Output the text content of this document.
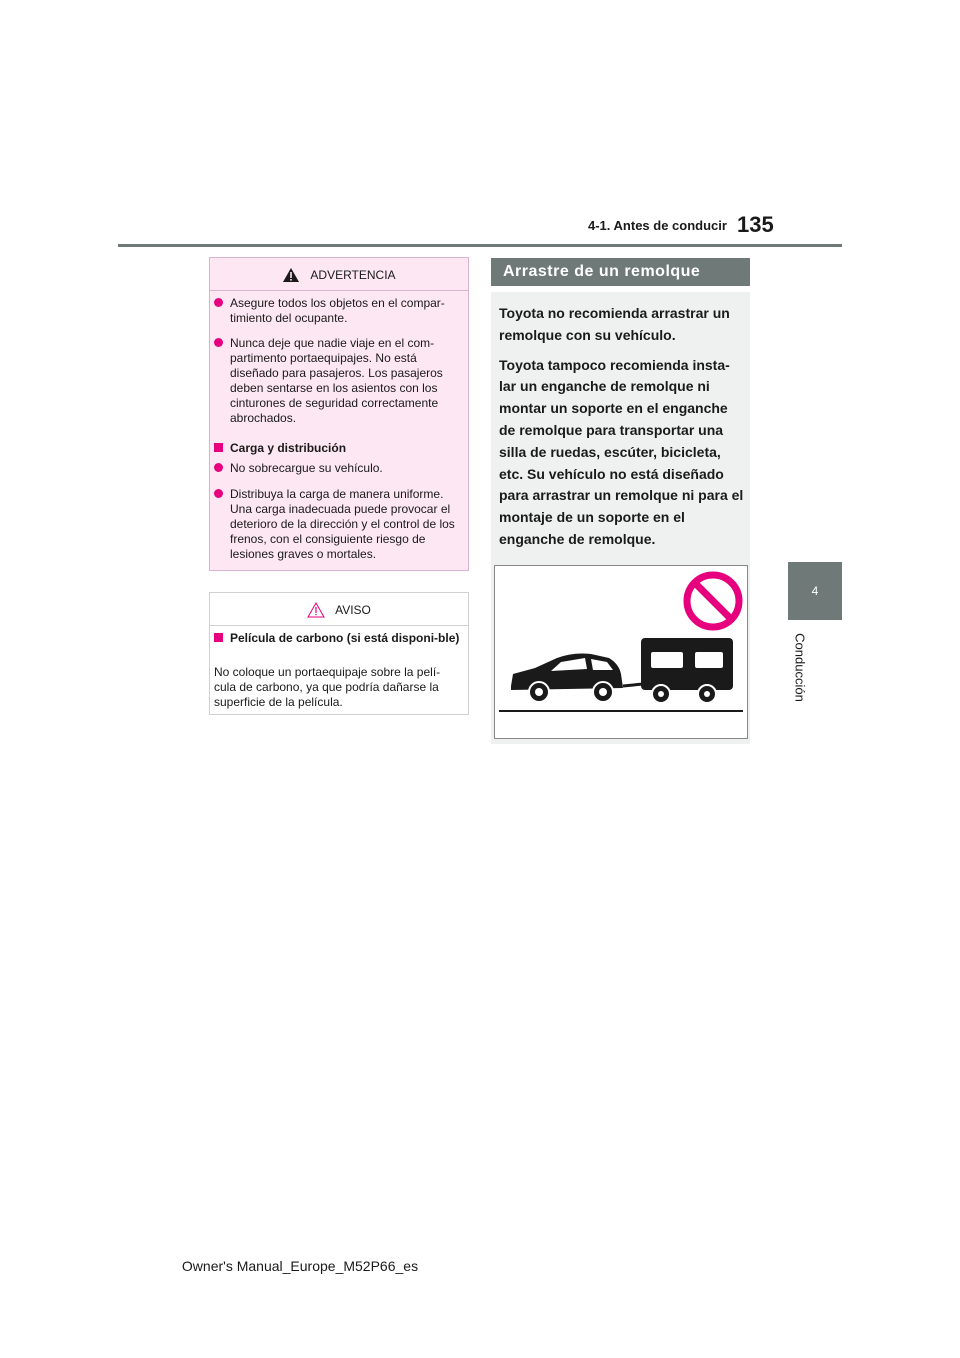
4-1. Antes de conducir 135
4
Conducción
ADVERTENCIA
Asegure todos los objetos en el compar-timiento del ocupante.
Nunca deje que nadie viaje en el com-partimento portaequipajes. No está diseñado para pasajeros. Los pasajeros deben sentarse en los asientos con los cinturones de seguridad correctamente abrochados.
Carga y distribución
No sobrecargue su vehículo.
Distribuya la carga de manera uniforme. Una carga inadecuada puede provocar el deterioro de la dirección y el control de los frenos, con el consiguiente riesgo de lesiones graves o mortales.
AVISO
Película de carbono (si está disponi-ble)
No coloque un portaequipaje sobre la pelí-cula de carbono, ya que podría dañarse la superficie de la película.
Arrastre de un remolque

Toyota no recomienda arrastrar un remolque con su vehículo.

Toyota tampoco recomienda insta-lar un enganche de remolque ni montar un soporte en el enganche de remolque para transportar una silla de ruedas, escúter, bicicleta, etc. Su vehículo no está diseñado para arrastrar un remolque ni para el montaje de un soporte en el enganche de remolque.

Owner's Manual_Europe_M52P66_es
